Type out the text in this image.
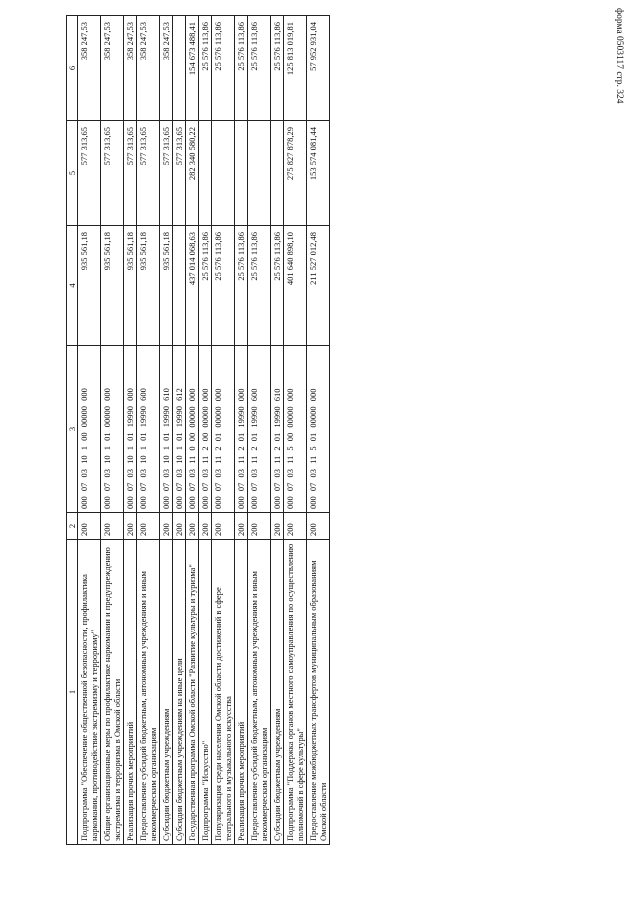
форма 0503117 стр. 324
1	2	3	4	5	6
Подпрограмма "Обеспечение общественной безопасности, профилактика наркомании, противодействие экстремизму и терроризму"	200	000 07 03 10 1 00 00000 000	935 561,18	577 313,65	358 247,53
Общие организационные меры по профилактике наркомании и предупреждению экстремизма и терроризма в Омской области	200	000 07 03 10 1 01 00000 000	935 561,18	577 313,65	358 247,53
Реализация прочих мероприятий	200	000 07 03 10 1 01 19990 000	935 561,18	577 313,65	358 247,53
Предоставление субсидий бюджетным, автономным учреждениям и иным некоммерческим организациям	200	000 07 03 10 1 01 19990 600	935 561,18	577 313,65	358 247,53
Субсидии бюджетным учреждениям	200	000 07 03 10 1 01 19990 610	935 561,18	577 313,65	358 247,53
Субсидии бюджетным учреждениям на иные цели	200	000 07 03 10 1 01 19990 612		577 313,65	
Государственная программа Омской области "Развитие культуры и туризма"	200	000 07 03 11 0 00 00000 000	437 014 068,63	282 340 580,22	154 673 488,41
Подпрограмма "Искусство"	200	000 07 03 11 2 00 00000 000	25 576 113,86		25 576 113,86
Популяризация среди населения Омской области достижений в сфере театрального и музыкального искусства	200	000 07 03 11 2 01 00000 000	25 576 113,86		25 576 113,86
Реализация прочих мероприятий	200	000 07 03 11 2 01 19990 000	25 576 113,86		25 576 113,86
Предоставление субсидий бюджетным, автономным учреждениям и иным некоммерческим организациям	200	000 07 03 11 2 01 19990 600	25 576 113,86		25 576 113,86
Субсидии бюджетным учреждениям	200	000 07 03 11 2 01 19990 610	25 576 113,86		25 576 113,86
Подпрограмма "Поддержка органов местного самоуправления по осуществлению полномочий в сфере культуры"	200	000 07 03 11 5 00 00000 000	401 640 898,10	275 827 878,29	125 813 019,81
Предоставление межбюджетных трансфертов муниципальным образованиям Омской области	200	000 07 03 11 5 01 00000 000	211 527 012,48	153 574 081,44	57 952 931,04
